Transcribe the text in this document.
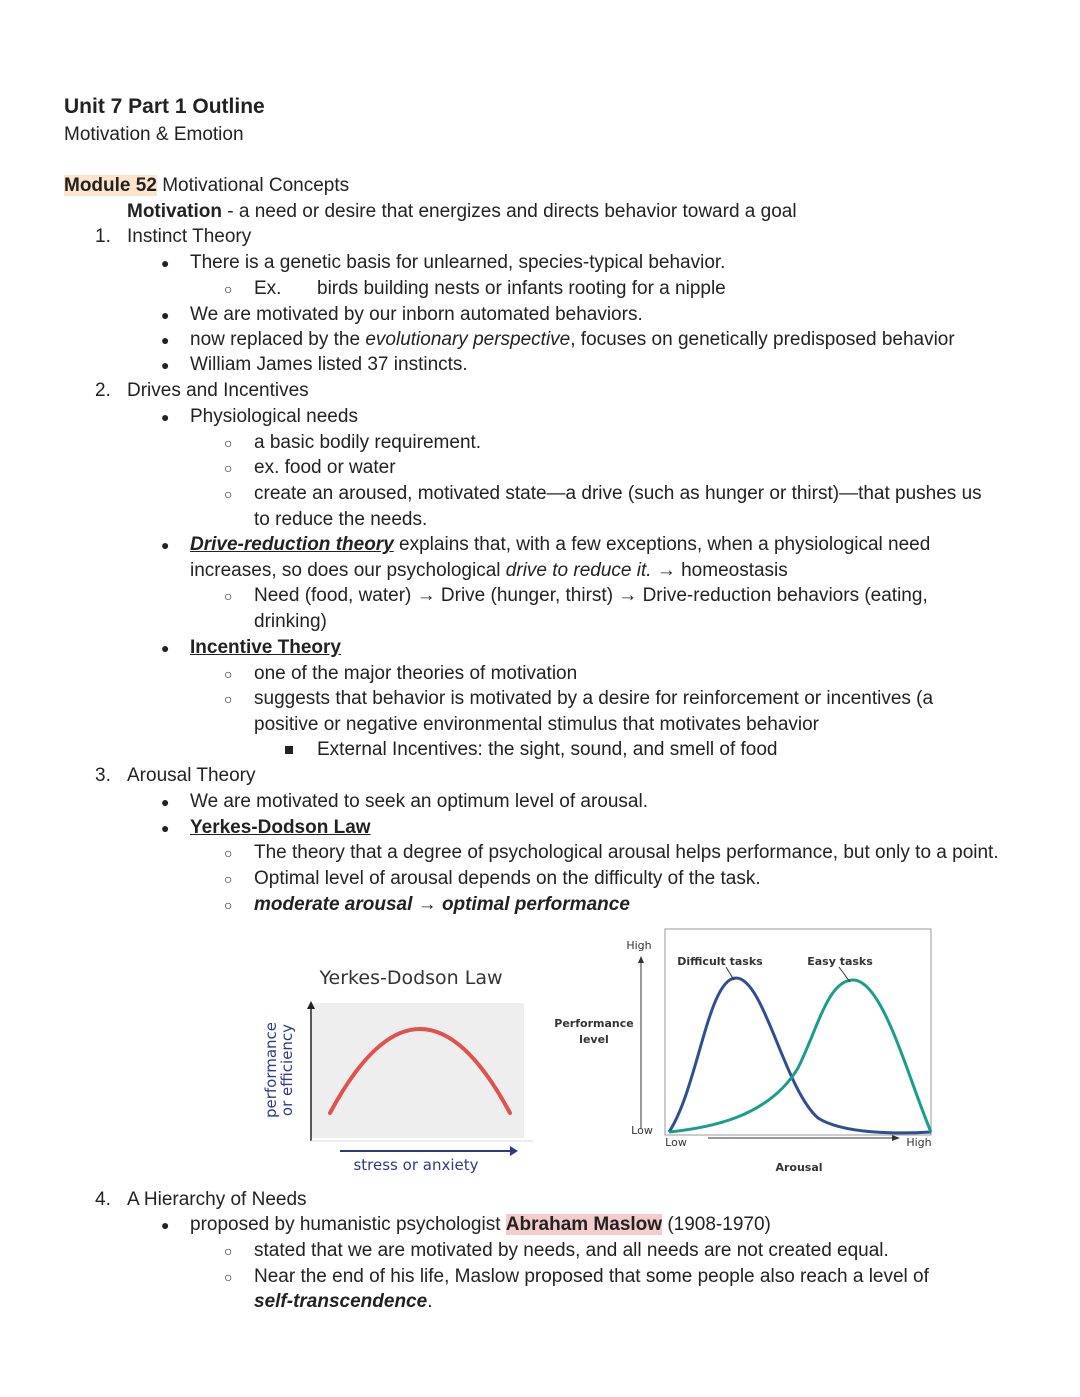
Unit 7 Part 1 Outline
Motivation & Emotion
Module 52 Motivational Concepts
Motivation - a need or desire that energizes and directs behavior toward a goal
1. Instinct Theory
● There is a genetic basis for unlearned, species-typical behavior.
○ Ex. birds building nests or infants rooting for a nipple
● We are motivated by our inborn automated behaviors.
● now replaced by the evolutionary perspective, focuses on genetically predisposed behavior
● William James listed 37 instincts.
2. Drives and Incentives
● Physiological needs
○ a basic bodily requirement.
○ ex. food or water
○ create an aroused, motivated state—a drive (such as hunger or thirst)—that pushes us
to reduce the needs.
● Drive-reduction theory explains that, with a few exceptions, when a physiological need
increases, so does our psychological drive to reduce it. → homeostasis
○ Need (food, water) → Drive (hunger, thirst) → Drive-reduction behaviors (eating,
drinking)
● Incentive Theory
○ one of the major theories of motivation
○ suggests that behavior is motivated by a desire for reinforcement or incentives (a
positive or negative environmental stimulus that motivates behavior
External Incentives: the sight, sound, and smell of food
3. Arousal Theory
● We are motivated to seek an optimum level of arousal.
● Yerkes-Dodson Law
○ The theory that a degree of psychological arousal helps performance, but only to a point.
○ Optimal level of arousal depends on the difficulty of the task.
○ moderate arousal → optimal performance
Yerkes-Dodson Law
stress or anxiety
performance
or efficiency
High
Performance
level
Low
Difficult tasks	Easy tasks
Low	High
Arousal
4. A Hierarchy of Needs
● proposed by humanistic psychologist Abraham Maslow (1908-1970)
○ stated that we are motivated by needs, and all needs are not created equal.
○ Near the end of his life, Maslow proposed that some people also reach a level of
self-transcendence.
